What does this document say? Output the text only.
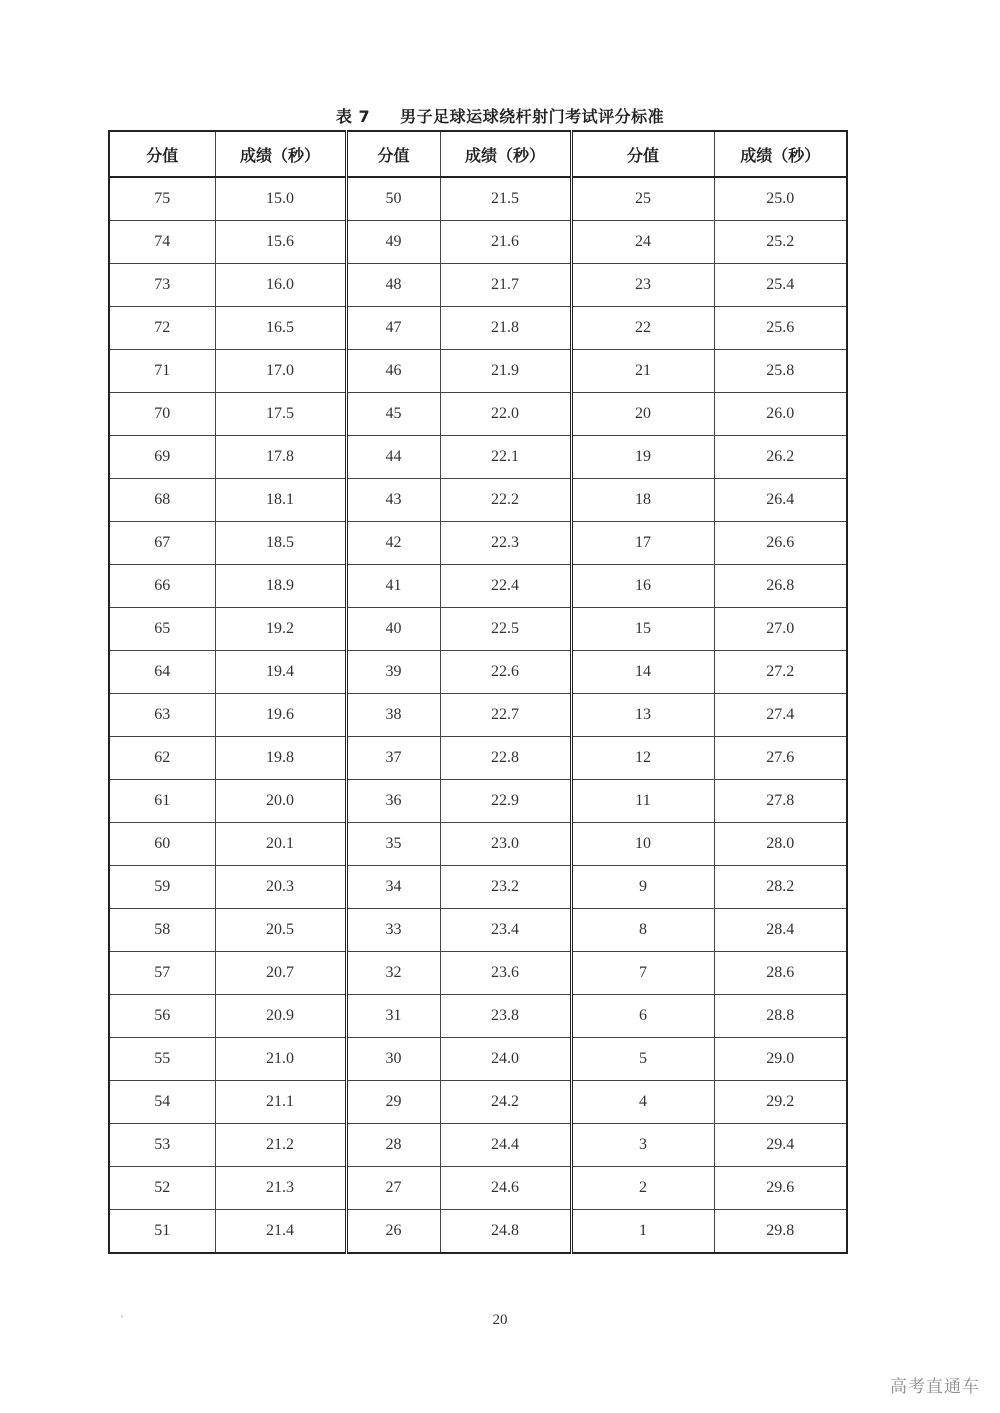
表 7 男子足球运球绕杆射门考试评分标准
分值	成绩（秒）	分值	成绩（秒）	分值	成绩（秒）
75	15.0	50	21.5	25	25.0
74	15.6	49	21.6	24	25.2
73	16.0	48	21.7	23	25.4
72	16.5	47	21.8	22	25.6
71	17.0	46	21.9	21	25.8
70	17.5	45	22.0	20	26.0
69	17.8	44	22.1	19	26.2
68	18.1	43	22.2	18	26.4
67	18.5	42	22.3	17	26.6
66	18.9	41	22.4	16	26.8
65	19.2	40	22.5	15	27.0
64	19.4	39	22.6	14	27.2
63	19.6	38	22.7	13	27.4
62	19.8	37	22.8	12	27.6
61	20.0	36	22.9	11	27.8
60	20.1	35	23.0	10	28.0
59	20.3	34	23.2	9	28.2
58	20.5	33	23.4	8	28.4
57	20.7	32	23.6	7	28.6
56	20.9	31	23.8	6	28.8
55	21.0	30	24.0	5	29.0
54	21.1	29	24.2	4	29.2
53	21.2	28	24.4	3	29.4
52	21.3	27	24.6	2	29.6
51	21.4	26	24.8	1	29.8
`	20
高考直通车
